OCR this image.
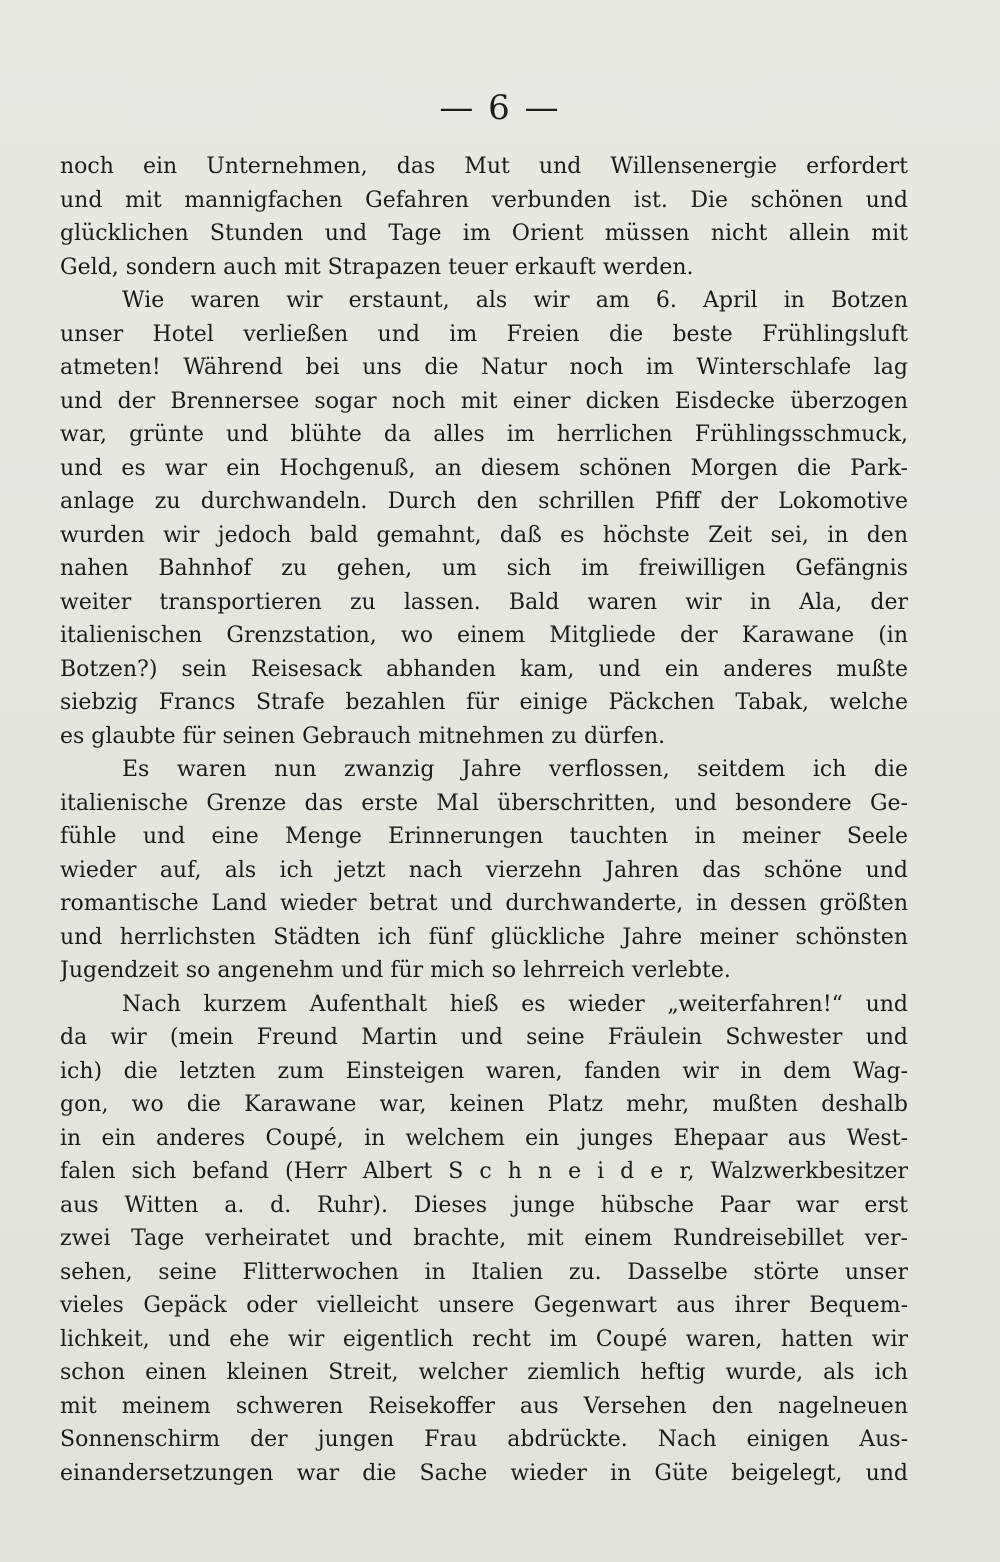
— 6 —
noch ein Unternehmen, das Mut und Willensenergie erfordert
und mit mannigfachen Gefahren verbunden ist. Die schönen und
glücklichen Stunden und Tage im Orient müssen nicht allein mit
Geld, sondern auch mit Strapazen teuer erkauft werden.
Wie waren wir erstaunt, als wir am 6. April in Botzen
unser Hotel verließen und im Freien die beste Frühlingsluft
atmeten! Während bei uns die Natur noch im Winterschlafe lag
und der Brennersee sogar noch mit einer dicken Eisdecke überzogen
war, grünte und blühte da alles im herrlichen Frühlingsschmuck,
und es war ein Hochgenuß, an diesem schönen Morgen die Park-
anlage zu durchwandeln. Durch den schrillen Pfiff der Lokomotive
wurden wir jedoch bald gemahnt, daß es höchste Zeit sei, in den
nahen Bahnhof zu gehen, um sich im freiwilligen Gefängnis
weiter transportieren zu lassen. Bald waren wir in Ala, der
italienischen Grenzstation, wo einem Mitgliede der Karawane (in
Botzen?) sein Reisesack abhanden kam, und ein anderes mußte
siebzig Francs Strafe bezahlen für einige Päckchen Tabak, welche
es glaubte für seinen Gebrauch mitnehmen zu dürfen.
Es waren nun zwanzig Jahre verflossen, seitdem ich die
italienische Grenze das erste Mal überschritten, und besondere Ge-
fühle und eine Menge Erinnerungen tauchten in meiner Seele
wieder auf, als ich jetzt nach vierzehn Jahren das schöne und
romantische Land wieder betrat und durchwanderte, in dessen größten
und herrlichsten Städten ich fünf glückliche Jahre meiner schönsten
Jugendzeit so angenehm und für mich so lehrreich verlebte.
Nach kurzem Aufenthalt hieß es wieder „weiterfahren!“ und
da wir (mein Freund Martin und seine Fräulein Schwester und
ich) die letzten zum Einsteigen waren, fanden wir in dem Wag-
gon, wo die Karawane war, keinen Platz mehr, mußten deshalb
in ein anderes Coupé, in welchem ein junges Ehepaar aus West-
falen sich befand (Herr Albert S c h n e i d e r, Walzwerkbesitzer
aus Witten a. d. Ruhr). Dieses junge hübsche Paar war erst
zwei Tage verheiratet und brachte, mit einem Rundreisebillet ver-
sehen, seine Flitterwochen in Italien zu. Dasselbe störte unser
vieles Gepäck oder vielleicht unsere Gegenwart aus ihrer Bequem-
lichkeit, und ehe wir eigentlich recht im Coupé waren, hatten wir
schon einen kleinen Streit, welcher ziemlich heftig wurde, als ich
mit meinem schweren Reisekoffer aus Versehen den nagelneuen
Sonnenschirm der jungen Frau abdrückte. Nach einigen Aus-
einandersetzungen war die Sache wieder in Güte beigelegt, und
